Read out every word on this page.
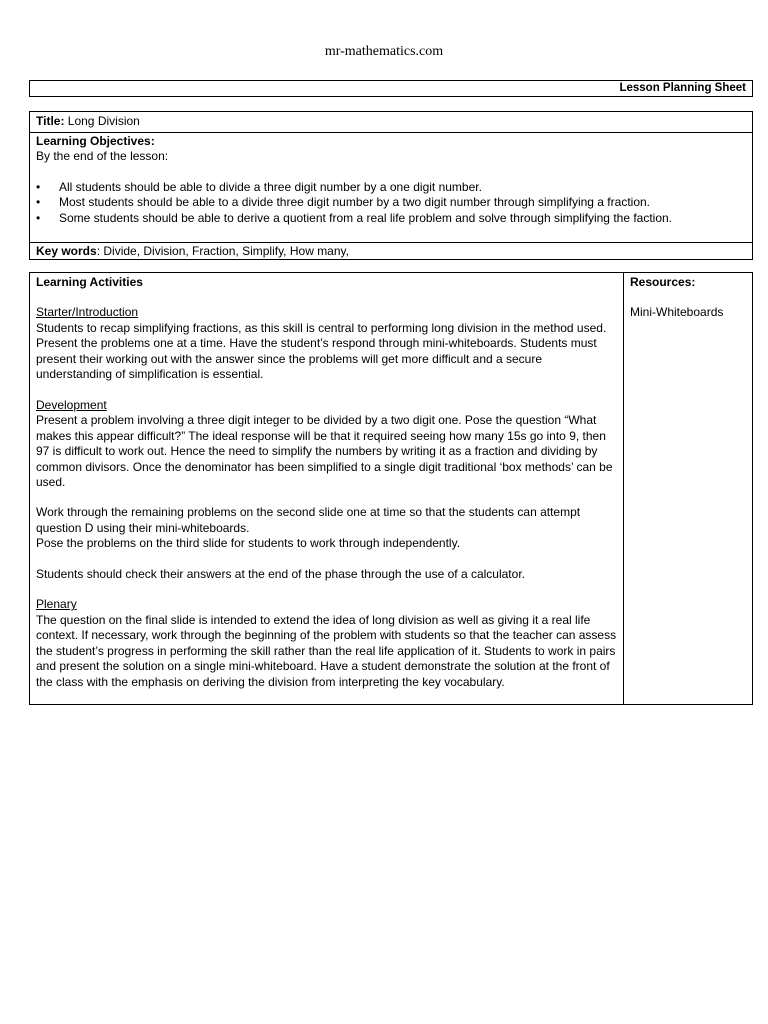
mr-mathematics.com
Lesson Planning Sheet
Title: Long Division
Learning Objectives:
By the end of the lesson:
• All students should be able to divide a three digit number by a one digit number.
• Most students should be able to a divide three digit number by a two digit number through simplifying a fraction.
• Some students should be able to derive a quotient from a real life problem and solve through simplifying the faction.
Key words: Divide, Division, Fraction, Simplify, How many,
Learning Activities
Starter/Introduction

Students to recap simplifying fractions, as this skill is central to performing long division in the method used. Present the problems one at a time. Have the student’s respond through mini-whiteboards. Students must present their working out with the answer since the problems will get more difficult and a secure understanding of simplification is essential.

Development

Present a problem involving a three digit integer to be divided by a two digit one. Pose the question “What makes this appear difficult?” The ideal response will be that it required seeing how many 15s go into 9, then 97 is difficult to work out. Hence the need to simplify the numbers by writing it as a fraction and dividing by common divisors. Once the denominator has been simplified to a single digit traditional ‘box methods’ can be used.

Work through the remaining problems on the second slide one at time so that the students can attempt question D using their mini-whiteboards.

Pose the problems on the third slide for students to work through independently.

Students should check their answers at the end of the phase through the use of a calculator.

Plenary

The question on the final slide is intended to extend the idea of long division as well as giving it a real life context. If necessary, work through the beginning of the problem with students so that the teacher can assess the student’s progress in performing the skill rather than the real life application of it. Students to work in pairs and present the solution on a single mini-whiteboard. Have a student demonstrate the solution at the front of the class with the emphasis on deriving the division from interpreting the key vocabulary.

Resources:
Mini-Whiteboards
